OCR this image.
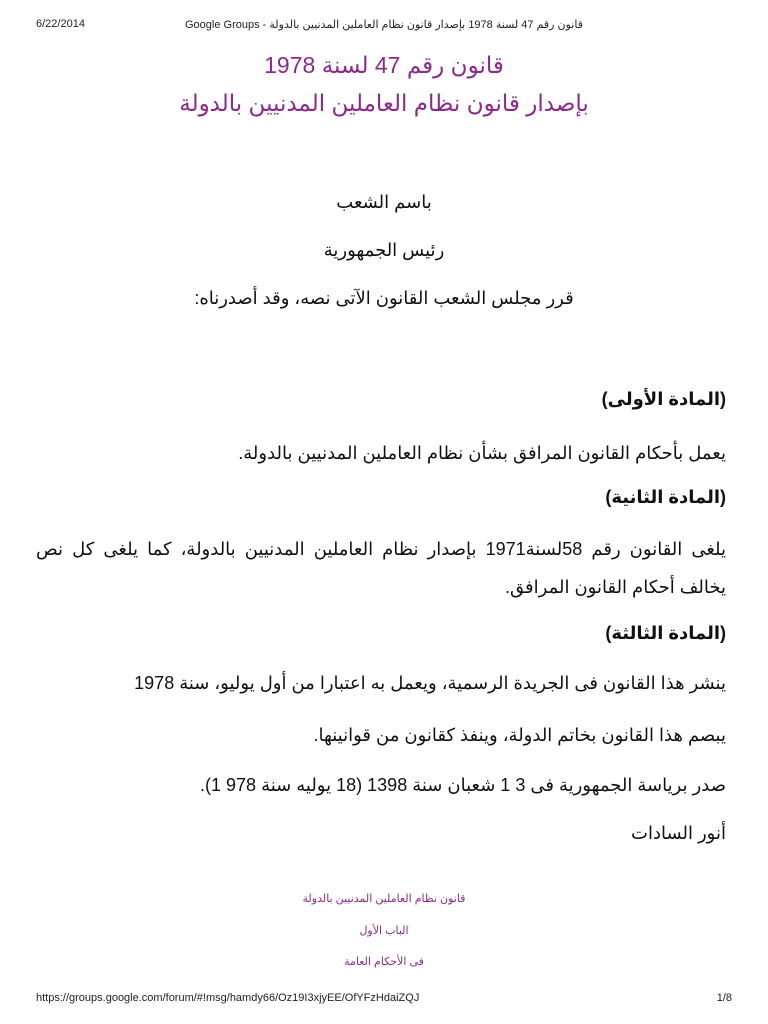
6/22/2014	قانون رقم 47 لسنة 1978 بإصدار قانون نظام العاملين المدنيين بالدولة - Google Groups
قانون رقم 47 لسنة 1978
بإصدار قانون نظام العاملين المدنيين بالدولة
باسم الشعب
رئيس الجمهورية
قرر مجلس الشعب القانون الآتى نصه، وقد أصدرناه:
(المادة الأولى)
يعمل بأحكام القانون المرافق بشأن نظام العاملين المدنيين بالدولة.
(المادة الثانية)
يلغى القانون رقم 58لسنة1971 بإصدار نظام العاملين المدنيين بالدولة، كما يلغى كل نص يخالف أحكام القانون المرافق.
(المادة الثالثة)
ينشر هذا القانون فى الجريدة الرسمية، ويعمل به اعتبارا من أول يوليو، سنة 1978
يبصم هذا القانون بخاتم الدولة، وينفذ كقانون من قوانينها.
صدر برياسة الجمهورية فى 3 1 شعبان سنة 1398 (18 يوليه سنة 978 1).
أنور السادات
قانون نظام العاملين المدنيين بالدولة
الباب الأول
فى الأحكام العامة
https://groups.google.com/forum/#!msg/hamdy66/Oz19I3xjyEE/OfYFzHdaiZQJ	1/8
